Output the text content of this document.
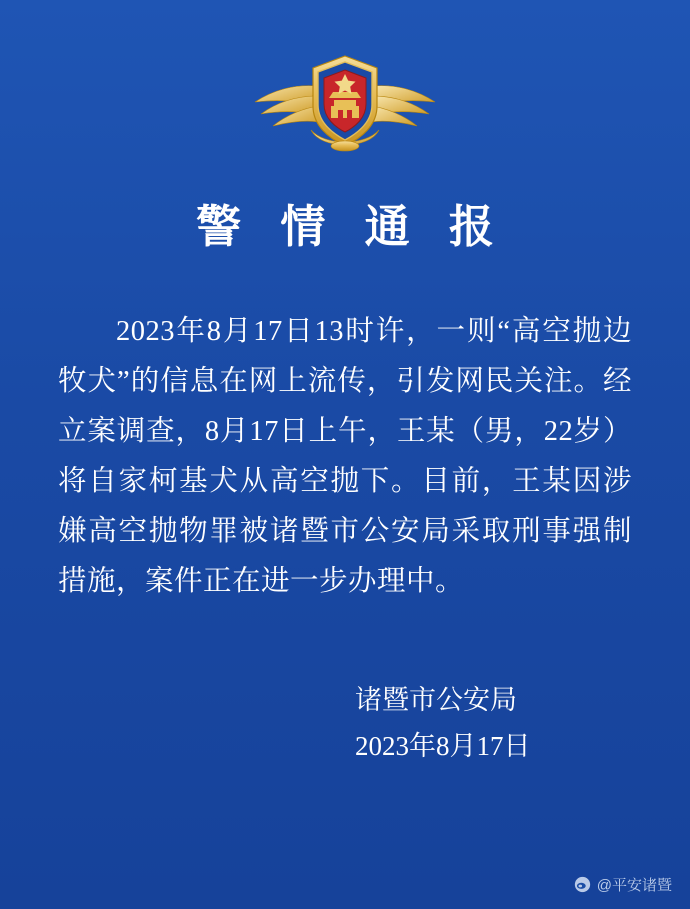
警 情 通 报
2023年8月17日13时许，一则“高空抛边牧犬”的信息在网上流传，引发网民关注。经立案调查，8月17日上午，王某（男，22岁）将自家柯基犬从高空抛下。目前，王某因涉嫌高空抛物罪被诸暨市公安局采取刑事强制措施，案件正在进一步办理中。
诸暨市公安局
2023年8月17日
@平安诸暨
